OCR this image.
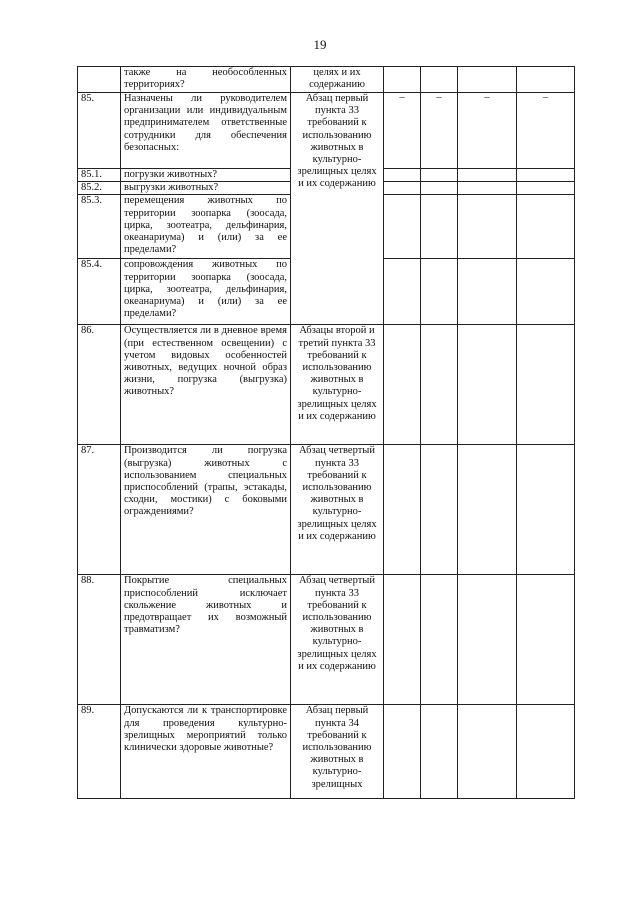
19
	также на необособленных территориях?	целях и их содержанию				
85.	Назначены ли руководителем организации или индивидуальным предпринимателем ответственные сотрудники для обеспечения безопасных:	Абзац первый пункта 33 требований к использованию животных в культурно-зрелищных целях и их содержанию	–	–	–	–
85.1.	погрузки животных?					
85.2.	выгрузки животных?					
85.3.	перемещения животных по территории зоопарка (зоосада, цирка, зоотеатра, дельфинария, океанариума) и (или) за ее пределами?					
85.4.	сопровождения животных по территории зоопарка (зоосада, цирка, зоотеатра, дельфинария, океанариума) и (или) за ее пределами?					
86.	Осуществляется ли в дневное время (при естественном освещении) с учетом видовых особенностей животных, ведущих ночной образ жизни, погрузка (выгрузка) животных?	Абзацы второй и третий пункта 33 требований к использованию животных в культурно-зрелищных целях и их содержанию				
87.	Производится ли погрузка (выгрузка) животных с использованием специальных приспособлений (трапы, эстакады, сходни, мостики) с боковыми ограждениями?	Абзац четвертый пункта 33 требований к использованию животных в культурно-зрелищных целях и их содержанию				
88.	Покрытие специальных приспособлений исключает скольжение животных и предотвращает их возможный травматизм?	Абзац четвертый пункта 33 требований к использованию животных в культурно-зрелищных целях и их содержанию				
89.	Допускаются ли к транспортировке для проведения культурно-зрелищных мероприятий только клинически здоровые животные?	Абзац первый пункта 34 требований к использованию животных в культурно-зрелищных				
